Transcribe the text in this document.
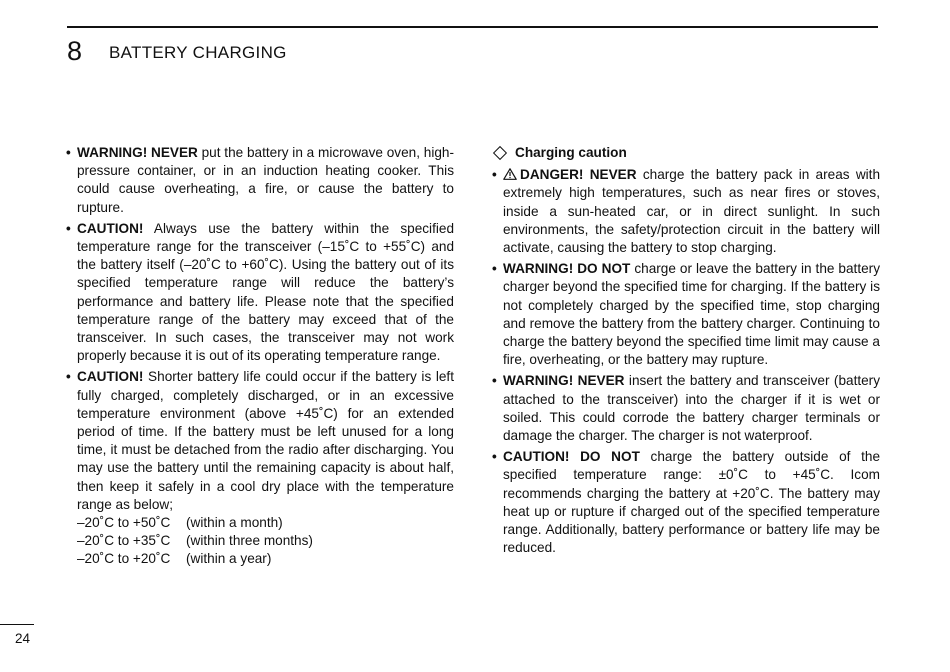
8 BATTERY CHARGING
• WARNING! NEVER put the battery in a microwave oven, high-pressure container, or in an induction heating cooker. This could cause overheating, a fire, or cause the battery to rupture.
• CAUTION! Always use the battery within the specified temperature range for the transceiver (–15˚C to +55˚C) and the battery itself (–20˚C to +60˚C). Using the battery out of its specified temperature range will reduce the battery’s performance and battery life. Please note that the specified temperature range of the battery may exceed that of the transceiver. In such cases, the transceiver may not work properly because it is out of its operating temperature range.
• CAUTION! Shorter battery life could occur if the battery is left fully charged, completely discharged, or in an excessive temperature environment (above +45˚C) for an extended period of time. If the battery must be left unused for a long time, it must be detached from the radio after discharging. You may use the battery until the remaining capacity is about half, then keep it safely in a cool dry place with the temperature range as below;
–20˚C to +50˚C (within a month)
–20˚C to +35˚C (within three months)
–20˚C to +20˚C (within a year)
Charging caution
• DANGER! NEVER charge the battery pack in areas with extremely high temperatures, such as near fires or stoves, inside a sun-heated car, or in direct sunlight. In such environments, the safety/protection circuit in the battery will activate, causing the battery to stop charging.
• WARNING! DO NOT charge or leave the battery in the battery charger beyond the specified time for charging. If the battery is not completely charged by the specified time, stop charging and remove the battery from the battery charger. Continuing to charge the battery beyond the specified time limit may cause a fire, overheating, or the battery may rupture.
• WARNING! NEVER insert the battery and transceiver (battery attached to the transceiver) into the charger if it is wet or soiled. This could corrode the battery charger terminals or damage the charger. The charger is not waterproof.
• CAUTION! DO NOT charge the battery outside of the specified temperature range: ±0˚C to +45˚C. Icom recommends charging the battery at +20˚C. The battery may heat up or rupture if charged out of the specified temperature range. Additionally, battery performance or battery life may be reduced.
24
